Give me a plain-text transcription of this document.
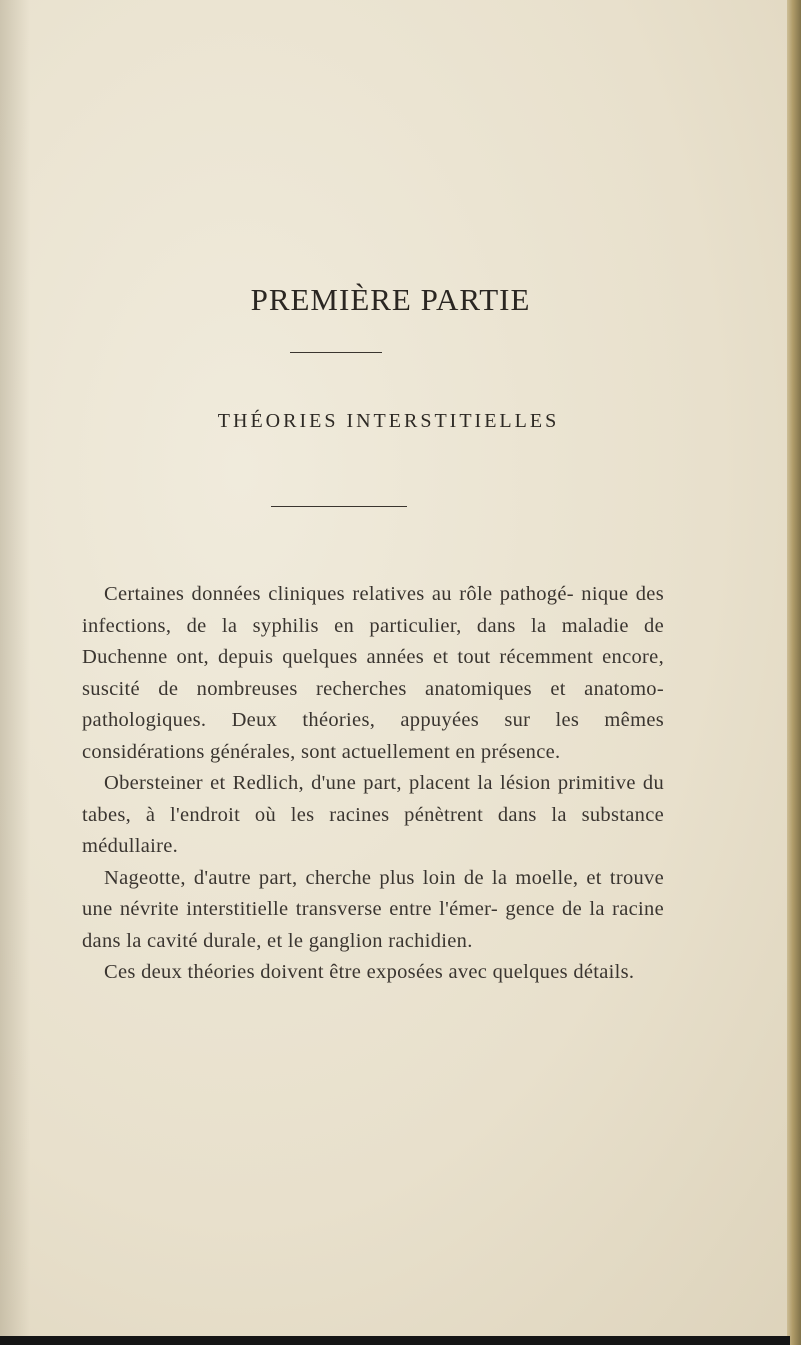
PREMIÈRE PARTIE
THÉORIES INTERSTITIELLES

Certaines données cliniques relatives au rôle pathogé- nique des infections, de la syphilis en particulier, dans la maladie de Duchenne ont, depuis quelques années et tout récemment encore, suscité de nombreuses recherches anatomiques et anatomo-pathologiques. Deux théories, appuyées sur les mêmes considérations générales, sont actuellement en présence.

Obersteiner et Redlich, d'une part, placent la lésion primitive du tabes, à l'endroit où les racines pénètrent dans la substance médullaire.

Nageotte, d'autre part, cherche plus loin de la moelle, et trouve une névrite interstitielle transverse entre l'émer- gence de la racine dans la cavité durale, et le ganglion rachidien.

Ces deux théories doivent être exposées avec quelques détails.
